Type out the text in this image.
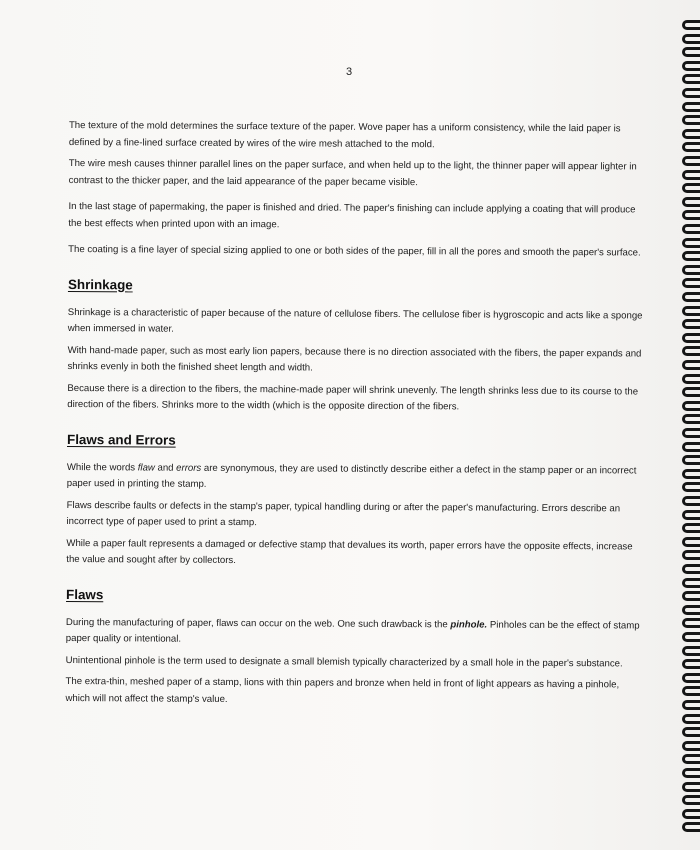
3

The texture of the mold determines the surface texture of the paper. Wove paper has a uniform consistency, while the laid paper is defined by a fine-lined surface created by wires of the wire mesh attached to the mold.

The wire mesh causes thinner parallel lines on the paper surface, and when held up to the light, the thinner paper will appear lighter in contrast to the thicker paper, and the laid appearance of the paper became visible.

In the last stage of papermaking, the paper is finished and dried. The paper's finishing can include applying a coating that will produce the best effects when printed upon with an image.

The coating is a fine layer of special sizing applied to one or both sides of the paper, fill in all the pores and smooth the paper's surface.

Shrinkage

Shrinkage is a characteristic of paper because of the nature of cellulose fibers. The cellulose fiber is hygroscopic and acts like a sponge when immersed in water.

With hand-made paper, such as most early lion papers, because there is no direction associated with the fibers, the paper expands and shrinks evenly in both the finished sheet length and width.

Because there is a direction to the fibers, the machine-made paper will shrink unevenly. The length shrinks less due to its course to the direction of the fibers. Shrinks more to the width (which is the opposite direction of the fibers.

Flaws and Errors

While the words flaw and errors are synonymous, they are used to distinctly describe either a defect in the stamp paper or an incorrect paper used in printing the stamp.

Flaws describe faults or defects in the stamp's paper, typical handling during or after the paper's manufacturing. Errors describe an incorrect type of paper used to print a stamp.

While a paper fault represents a damaged or defective stamp that devalues its worth, paper errors have the opposite effects, increase the value and sought after by collectors.

Flaws

During the manufacturing of paper, flaws can occur on the web. One such drawback is the pinhole. Pinholes can be the effect of stamp paper quality or intentional.

Unintentional pinhole is the term used to designate a small blemish typically characterized by a small hole in the paper's substance.

The extra-thin, meshed paper of a stamp, lions with thin papers and bronze when held in front of light appears as having a pinhole, which will not affect the stamp's value.
